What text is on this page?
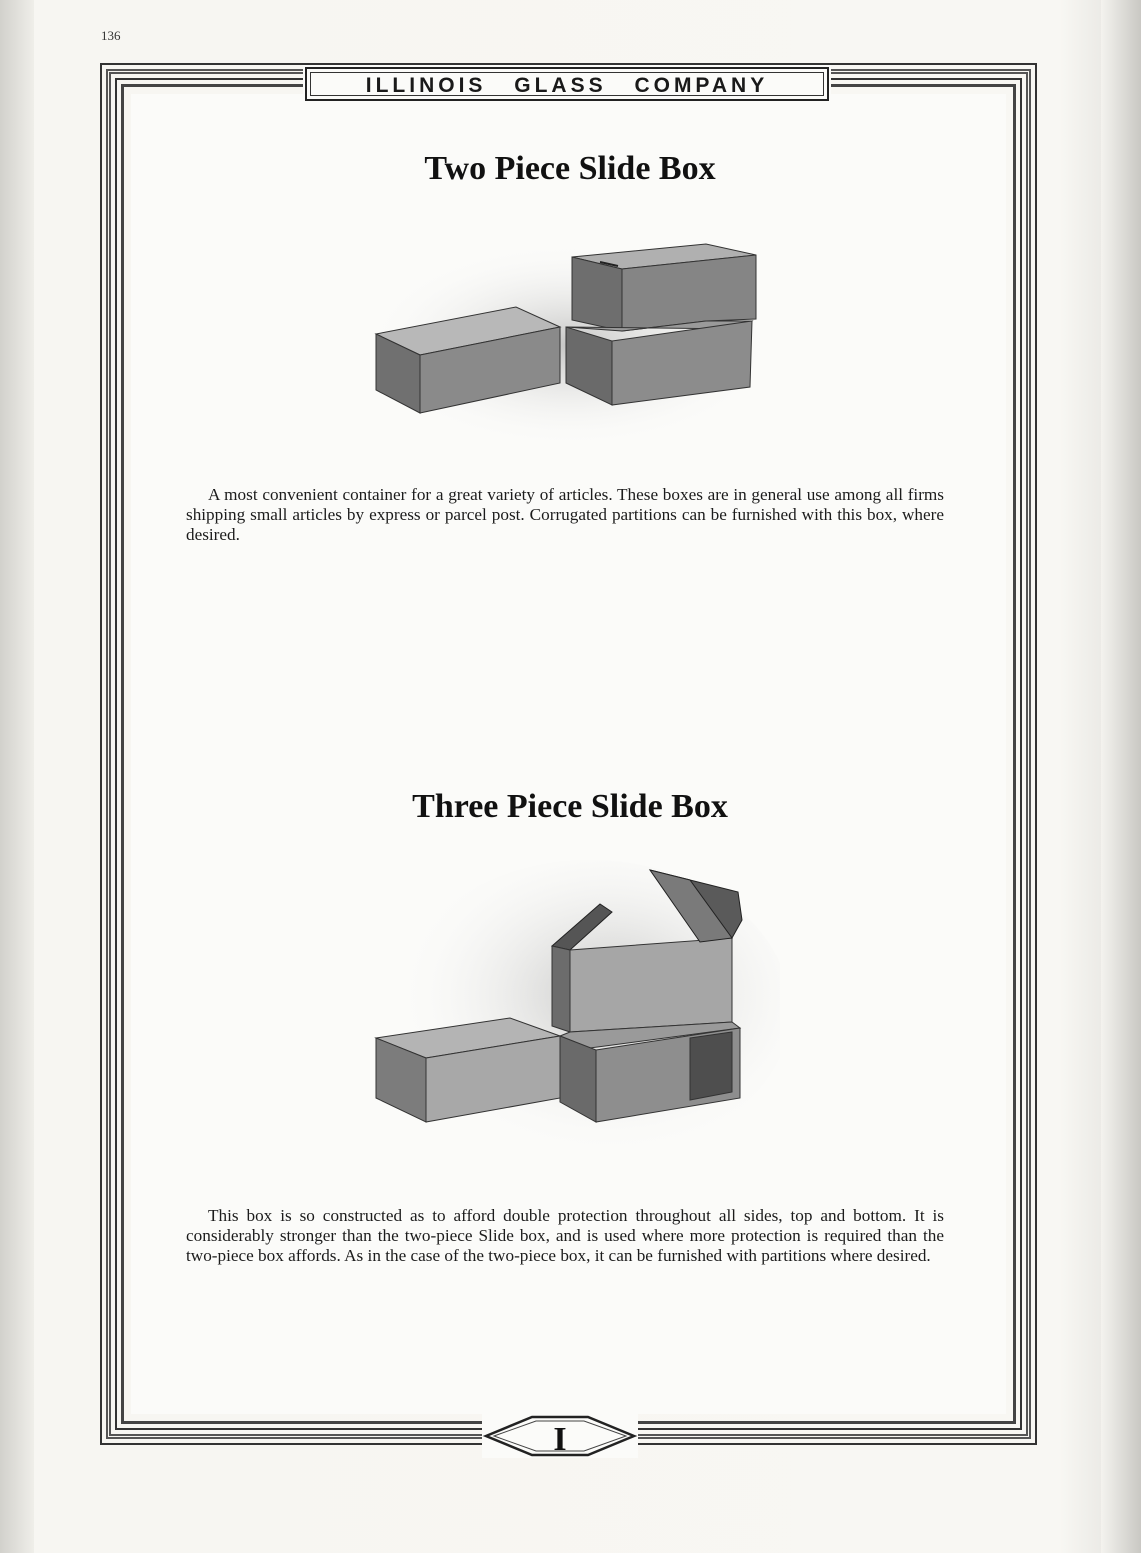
136
ILLINOIS GLASS COMPANY
Two Piece Slide Box
A most convenient container for a great variety of articles. These boxes are in general use among all firms shipping small articles by express or parcel post. Corrugated partitions can be furnished with this box, where desired.
Three Piece Slide Box
This box is so constructed as to afford double protection throughout all sides, top and bottom. It is considerably stronger than the two-piece Slide box, and is used where more protection is required than the two-piece box affords. As in the case of the two-piece box, it can be furnished with partitions where desired.
I
